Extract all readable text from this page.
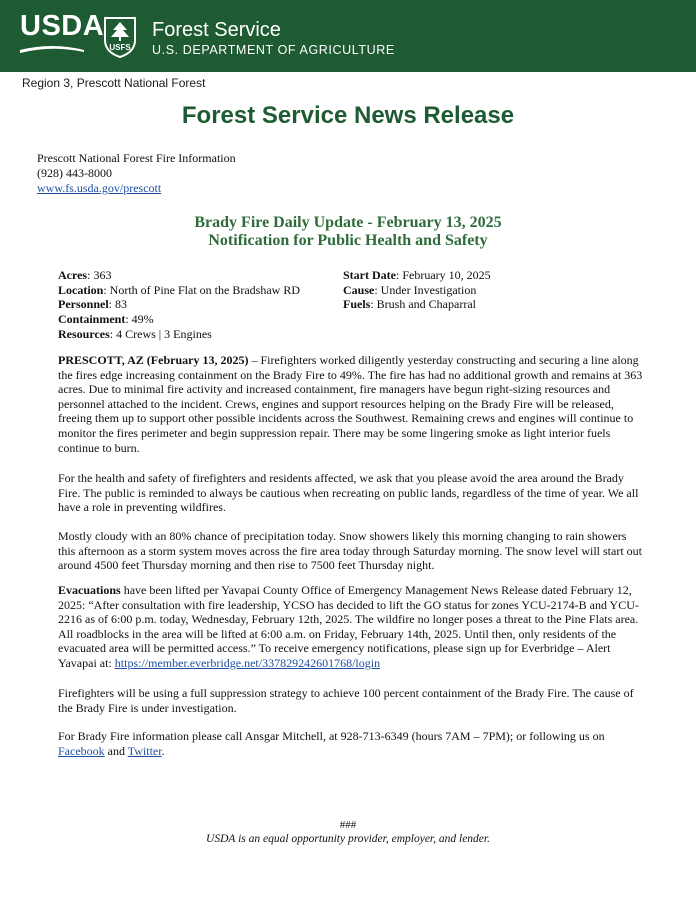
USDA
USFS
Forest Service
U.S. DEPARTMENT OF AGRICULTURE
Region 3, Prescott National Forest
Forest Service News Release
Prescott National Forest Fire Information
(928) 443-8000
www.fs.usda.gov/prescott
Brady Fire Daily Update - February 13, 2025
Notification for Public Health and Safety
Acres: 363
Location: North of Pine Flat on the Bradshaw RD
Personnel: 83
Containment: 49%
Resources: 4 Crews | 3 Engines
Start Date: February 10, 2025
Cause: Under Investigation
Fuels: Brush and Chaparral
PRESCOTT, AZ (February 13, 2025) – Firefighters worked diligently yesterday constructing and securing a line along the fires edge increasing containment on the Brady Fire to 49%. The fire has had no additional growth and remains at 363 acres. Due to minimal fire activity and increased containment, fire managers have begun right-sizing resources and personnel attached to the incident. Crews, engines and support resources helping on the Brady Fire will be released, freeing them up to support other possible incidents across the Southwest. Remaining crews and engines will continue to monitor the fires perimeter and begin suppression repair. There may be some lingering smoke as light interior fuels continue to burn.
For the health and safety of firefighters and residents affected, we ask that you please avoid the area around the Brady Fire. The public is reminded to always be cautious when recreating on public lands, regardless of the time of year. We all have a role in preventing wildfires.
Mostly cloudy with an 80% chance of precipitation today. Snow showers likely this morning changing to rain showers this afternoon as a storm system moves across the fire area today through Saturday morning. The snow level will start out around 4500 feet Thursday morning and then rise to 7500 feet Thursday night.
Evacuations have been lifted per Yavapai County Office of Emergency Management News Release dated February 12, 2025: “After consultation with fire leadership, YCSO has decided to lift the GO status for zones YCU-2174-B and YCU-2216 as of 6:00 p.m. today, Wednesday, February 12th, 2025. The wildfire no longer poses a threat to the Pine Flats area. All roadblocks in the area will be lifted at 6:00 a.m. on Friday, February 14th, 2025. Until then, only residents of the evacuated area will be permitted access.” To receive emergency notifications, please sign up for Everbridge – Alert Yavapai at: https://member.everbridge.net/337829242601768/login
Firefighters will be using a full suppression strategy to achieve 100 percent containment of the Brady Fire. The cause of the Brady Fire is under investigation.
For Brady Fire information please call Ansgar Mitchell, at 928-713-6349 (hours 7AM – 7PM); or following us on Facebook and Twitter.
###
USDA is an equal opportunity provider, employer, and lender.
